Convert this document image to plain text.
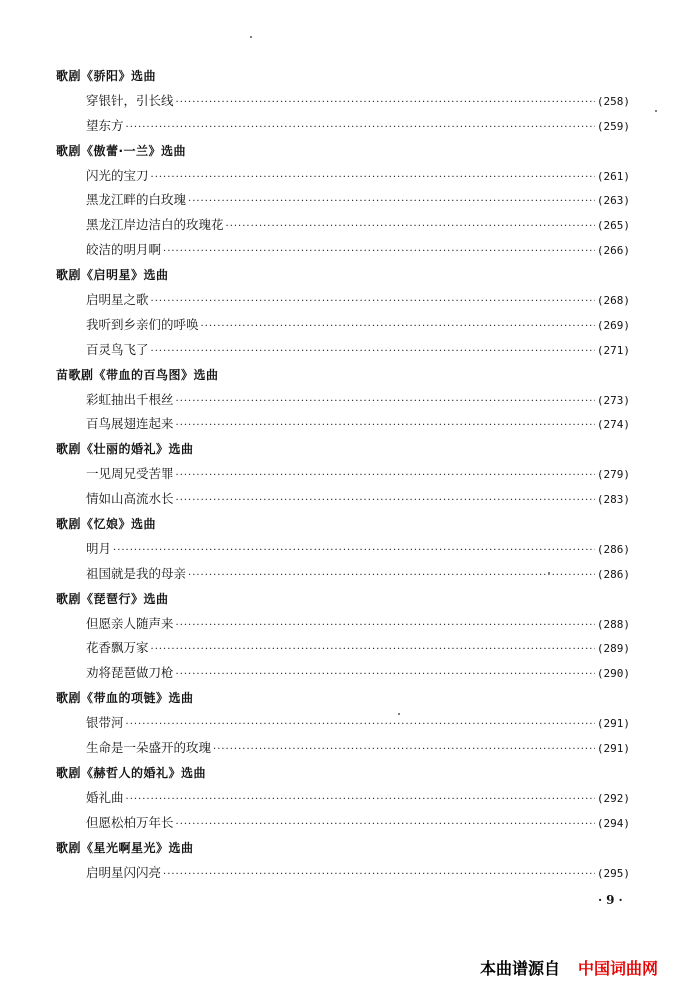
歌剧《骄阳》选曲
穿银针，引长线 ·····	(258)
望东方 ·····	(259)
歌剧《傲蕾·一兰》选曲
闪光的宝刀 ·····	(261)
黑龙江畔的白玫瑰 ·····	(263)
黑龙江岸边洁白的玫瑰花 ·····	(265)
皎洁的明月啊 ·····	(266)
歌剧《启明星》选曲
启明星之歌 ·····	(268)
我听到乡亲们的呼唤 ·····	(269)
百灵鸟飞了 ·····	(271)
苗歌剧《带血的百鸟图》选曲
彩虹抽出千根丝 ·····	(273)
百鸟展翅连起来 ·····	(274)
歌剧《壮丽的婚礼》选曲
一见周兄受苦罪 ·····	(279)
情如山高流水长 ·····	(283)
歌剧《忆娘》选曲
明月 ·····	(286)
祖国就是我的母亲 ·····	(286)
歌剧《琵琶行》选曲
但愿亲人随声来 ·····	(288)
花香飘万家 ·····	(289)
劝将琵琶做刀枪 ·····	(290)
歌剧《带血的项链》选曲
银带河 ·····	(291)
生命是一朵盛开的玫瑰 ·····	(291)
歌剧《赫哲人的婚礼》选曲
婚礼曲 ·····	(292)
但愿松柏万年长 ·····	(294)
歌剧《星光啊星光》选曲
启明星闪闪亮 ·····	(295)
·9·
本曲谱源自 中国词曲网
